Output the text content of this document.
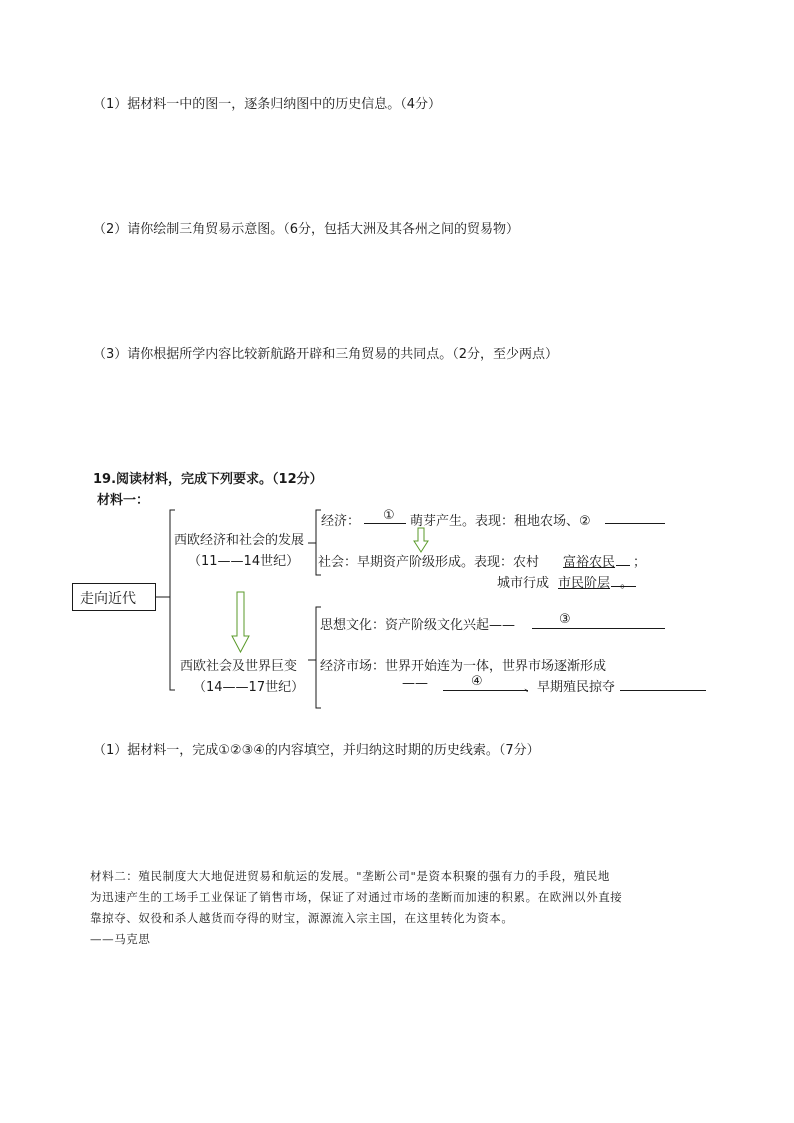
（1）据材料一中的图一，逐条归纳图中的历史信息。（4分）
（2）请你绘制三角贸易示意图。（6分，包括大洲及其各州之间的贸易物）
（3）请你根据所学内容比较新航路开辟和三角贸易的共同点。（2分，至少两点）
19.阅读材料，完成下列要求。（12分）
材料一：
走向近代
西欧经济和社会的发展
（11——14世纪）
经济： ① 萌芽产生。表现：租地农场、②
社会：早期资产阶级形成。表现：农村 富裕农民 ；
城市行成 市民阶层 。
西欧社会及世界巨变
（14——17世纪）
思想文化：资产阶级文化兴起——	③
经济市场：世界开始连为一体，世界市场逐渐形成
——	④	、早期殖民掠夺
（1）据材料一，完成①②③④的内容填空，并归纳这时期的历史线索。（7分）
材料二：殖民制度大大地促进贸易和航运的发展。"垄断公司"是资本积聚的强有力的手段，殖民地
为迅速产生的工场手工业保证了销售市场，保证了对通过市场的垄断而加速的积累。在欧洲以外直接
靠掠夺、奴役和杀人越货而夺得的财宝，源源流入宗主国，在这里转化为资本。
——马克思
